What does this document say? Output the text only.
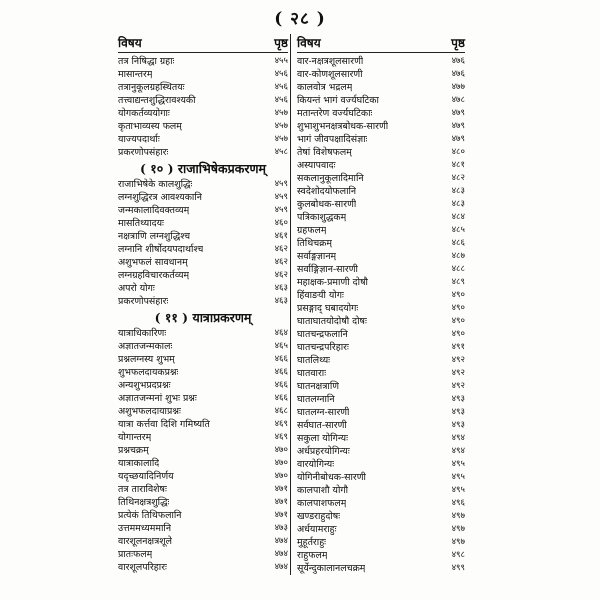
( २८ )
विषय	पृष्ठ
तत्र निषिद्धा ग्रहाः	४५५
मासान्तरम्	४५६
तत्रानुकूलग्रहस्थितयः	४५६
तत्त्वाद्यन्तशुद्धिरावश्यकी	४५६
योगकर्तव्ययोगाः	४५७
कृताभाव्यस्य फलम्	४५७
याज्यपदार्थाः	४५७
प्रकरणोपसंहारः	४५८
( १० ) राजाभिषेकप्रकरणम्
राजाभिषेके कालशुद्धिः	४५९
लग्नशुद्धिरत्र आवश्यकानि	४५९
जन्मकालादिवक्तव्यम्	४५९
मासतिथ्यादयः	४६०
नक्षत्राणि लग्नशुद्धिश्च	४६१
लग्नानि शीर्षोदयपदार्थाश्च	४६२
अशुभफलं सावधानम्	४६२
लग्नग्रहविचारकर्तव्यम्	४६२
अपरो योगः	४६३
प्रकरणोपसंहारः	४६३
( ११ ) यात्राप्रकरणम्
यात्राधिकारिणः	४६४
अज्ञातजन्मकालः	४६५
प्रश्नलग्नस्य शुभम्	४६६
शुभफलदायकप्रश्नः	४६६
अन्यशुभप्रदप्रश्नः	४६६
अज्ञातजन्मनां शुभः प्रश्नः	४६६
अशुभफलदायाप्रश्नः	४६८
यात्रा कर्त्तवा दिशि गमिष्यति	४६९
योगान्तरम्	४६९
प्रश्नचक्रम्	४७०
यात्राकालादि	४७०
यदृच्छयादिनिर्णय	४७०
तत्र ताराविशेषः	४७१
तिथिनक्षत्रशुद्धिः	४७१
प्रत्येकं तिथिफलानि	४७१
उत्तममध्यममानि	४७३
वारशूलनक्षत्रशूले	४७४
प्रातःफलम्	४७४
वारशूलपरिहारः	४७४
विषय	पृष्ठ
वार-नक्षत्रशूलसारणी	४७६
वार-कोणशूलसारणी	४७६
कालवोत्र भद्रलम्	४७७
कियन्तं भागं वर्ज्यघटिका	४७८
मतान्तरेण वर्ज्यघटिकाः	४७९
शुभाशुभनक्षत्रबोधक-सारणी	४७९
भागं जीवपक्षादिसंज्ञाः	४७९
तेषां विशेषफलम्	४८०
अस्यापवादः	४८१
सकलानुकूलादिमानि	४८२
स्वदेशोदयोफलानि	४८३
कुलबोधक-सारणी	४८३
पत्रिकाशुद्धकम्	४८४
ग्रहफलम्	४८५
तिथिचक्रम्	४८६
सर्वाङ्गज्ञानम्	४८७
सर्वाङ्गिज्ञान-सारणी	४८८
महाक्षक-प्रमाणी दोषौ	४८९
हिंवाङयी योगः	४९०
प्रसङ्गाद् घबादयोगः	४९०
घाताघातयोदोषौ दोषः	४९०
घातचन्द्रफलानि	४९०
घातचन्द्रपरिहारः	४९१
घातलिथ्यः	४९२
घातवाराः	४९२
घातनक्षत्राणि	४९२
घातलग्नानि	४९३
घातलग्न-सारणी	४९३
सर्वघात-सारणी	४९३
सकुला योगिन्यः	४९४
अर्धप्रहरयोगिन्यः	४९४
वारयोगिन्यः	४९५
योगिनीबोधक-सारणी	४९५
कालपाशौ योगौ	४९५
कालपाशफलम्	४९६
खण्डराहुदोषः	४९७
अर्धयामराहुः	४९७
मुहूर्तराहुः	४९७
राहुफलम्	४९८
सूर्येन्दुकालानलचक्रम्	४९९
